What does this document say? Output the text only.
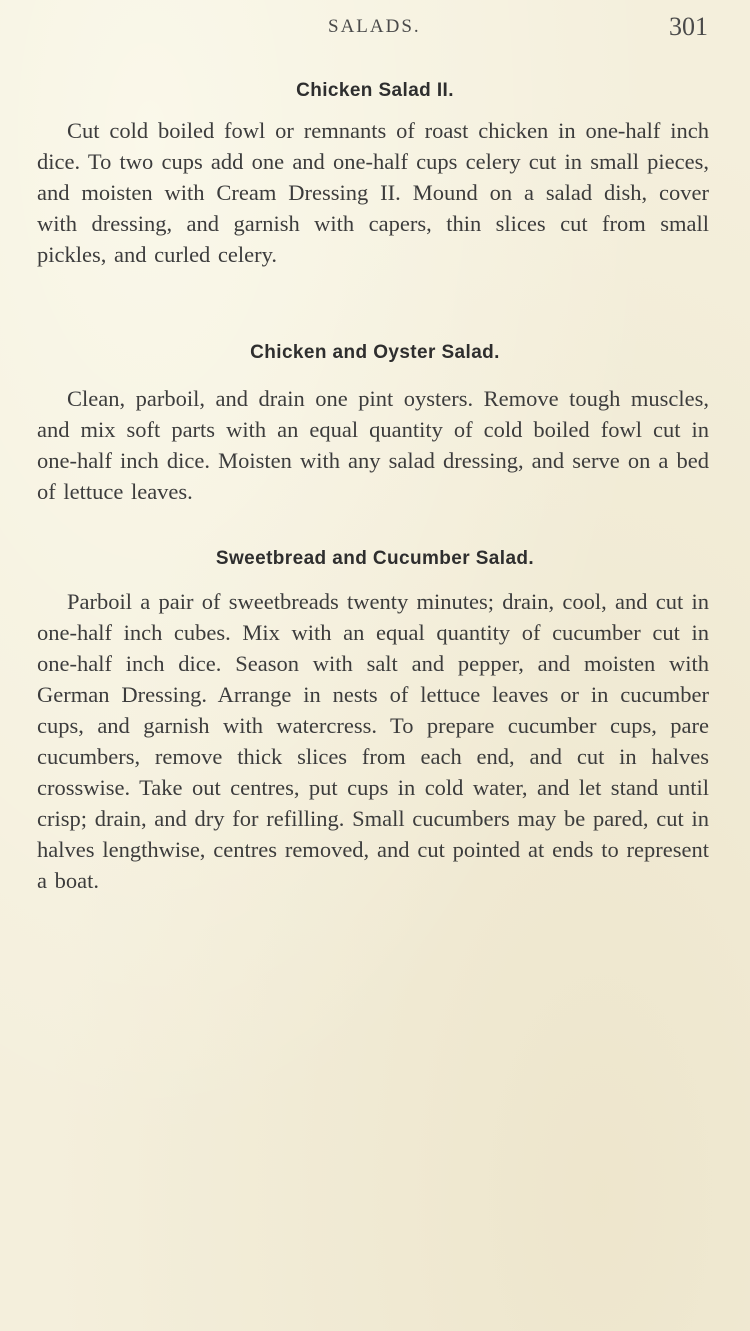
SALADS.	301
Chicken Salad II.

Cut cold boiled fowl or remnants of roast chicken in one-half inch dice. To two cups add one and one-half cups celery cut in small pieces, and moisten with Cream Dressing II. Mound on a salad dish, cover with dressing, and garnish with capers, thin slices cut from small pickles, and curled celery.

Chicken and Oyster Salad.

Clean, parboil, and drain one pint oysters. Remove tough muscles, and mix soft parts with an equal quantity of cold boiled fowl cut in one-half inch dice. Moisten with any salad dressing, and serve on a bed of lettuce leaves.

Sweetbread and Cucumber Salad.

Parboil a pair of sweetbreads twenty minutes; drain, cool, and cut in one-half inch cubes. Mix with an equal quantity of cucumber cut in one-half inch dice. Season with salt and pepper, and moisten with German Dressing. Arrange in nests of lettuce leaves or in cucumber cups, and garnish with watercress. To prepare cucumber cups, pare cucumbers, remove thick slices from each end, and cut in halves crosswise. Take out centres, put cups in cold water, and let stand until crisp; drain, and dry for refilling. Small cucumbers may be pared, cut in halves lengthwise, centres removed, and cut pointed at ends to represent a boat.
